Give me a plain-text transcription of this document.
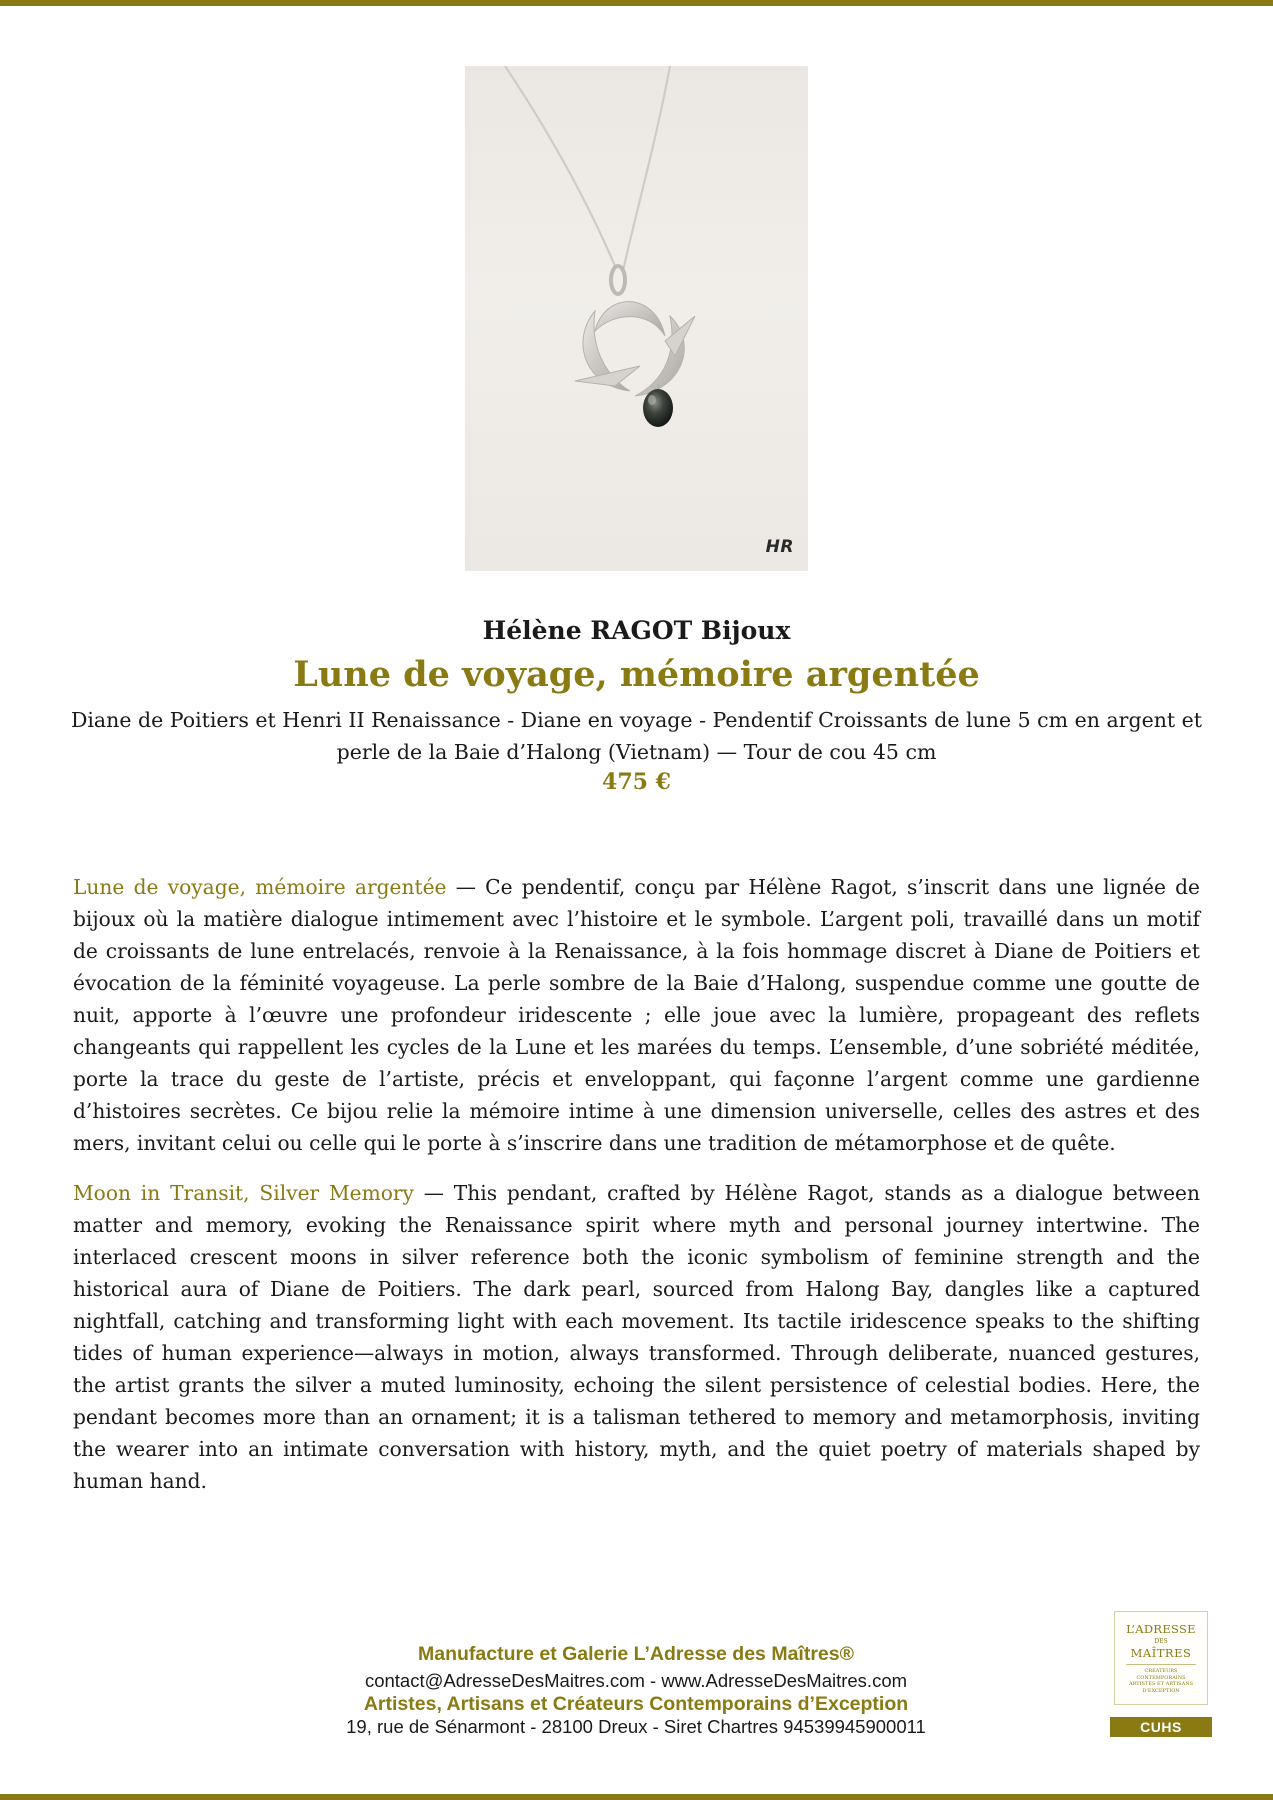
HR
Hélène RAGOT Bijoux
Lune de voyage, mémoire argentée
Diane de Poitiers et Henri II Renaissance - Diane en voyage - Pendentif Croissants de lune 5 cm en argent et perle de la Baie d’Halong (Vietnam) — Tour de cou 45 cm
475 €

Lune de voyage, mémoire argentée — Ce pendentif, conçu par Hélène Ragot, s’inscrit dans une lignée de bijoux où la matière dialogue intimement avec l’histoire et le symbole. L’argent poli, travaillé dans un motif de croissants de lune entrelacés, renvoie à la Renaissance, à la fois hommage discret à Diane de Poitiers et évocation de la féminité voyageuse. La perle sombre de la Baie d’Halong, suspendue comme une goutte de nuit, apporte à l’œuvre une profondeur iridescente ; elle joue avec la lumière, propageant des reflets changeants qui rappellent les cycles de la Lune et les marées du temps. L’ensemble, d’une sobriété méditée, porte la trace du geste de l’artiste, précis et enveloppant, qui façonne l’argent comme une gardienne d’histoires secrètes. Ce bijou relie la mémoire intime à une dimension universelle, celles des astres et des mers, invitant celui ou celle qui le porte à s’inscrire dans une tradition de métamorphose et de quête.

Moon in Transit, Silver Memory — This pendant, crafted by Hélène Ragot, stands as a dialogue between matter and memory, evoking the Renaissance spirit where myth and personal journey intertwine. The interlaced crescent moons in silver reference both the iconic symbolism of feminine strength and the historical aura of Diane de Poitiers. The dark pearl, sourced from Halong Bay, dangles like a captured nightfall, catching and transforming light with each movement. Its tactile iridescence speaks to the shifting tides of human experience—always in motion, always transformed. Through deliberate, nuanced gestures, the artist grants the silver a muted luminosity, echoing the silent persistence of celestial bodies. Here, the pendant becomes more than an ornament; it is a talisman tethered to memory and metamorphosis, inviting the wearer into an intimate conversation with history, myth, and the quiet poetry of materials shaped by human hand.

Manufacture et Galerie L’Adresse des Maîtres®
contact@AdresseDesMaitres.com - www.AdresseDesMaitres.com
Artistes, Artisans et Créateurs Contemporains d’Exception
19, rue de Sénarmont - 28100 Dreux - Siret Chartres 94539945900011
L’ADRESSE
DES
MAÎTRES
CRÉATEURS CONTEMPORAINS ARTISTES ET ARTISANS D’EXCEPTION
CUHS
